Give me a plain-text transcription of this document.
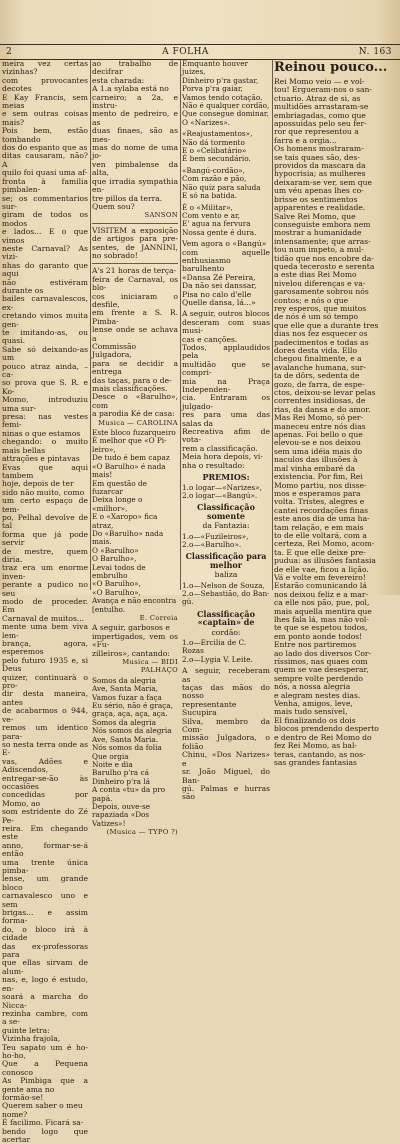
2	A FOLHA	N. 163

meira vez certas vizinhas?

com provocantes decotes

E Kay Francis, sem meias

e sem outras coisas mais?

Pois bem, estão tombando

dos do espanto que as

ditas causaram, não? A

quilo foi quasi uma af-

fronta à familia pimbalen-

se; os commentarios sur-

giram de todos os modos

e lados... E o que vimos

neste Carnaval? As vizi-

nhas do garanto que aqui

não estivéram durante os

bailes carnavalescos, ex-

cretando vimos muita gen-

te imitando-as, ou quasi.

Sabe só deixando-as um

pouco atraz ainda, – ca-

so prova que S. R. e Ko-

Momo, introduziu uma sur-

presa: nas vestes femi-

ninas o que estamos

chegando: o muito mais bellas

attrações e pintavas

Evas que aqui tambem

hoje, depois de ter

sido não muito, como

um certo espaço de tem-

po, Pelhal devolve de tal

forma que já pode servir

de mestre, quem diria.

traz era um enorme inven-

perante a pudico no seu

modo de proceder. Em

Carnaval de muitos...

mente uma bem viva lem-

brança, agora, esperemos

pelo futuro 1935 e, si Deus

quizer, continuarà o pro-

dir desta maneira, antes

de acabarmos o 944, ve-

remos um identico para-

so nesta terra onde as E-

vas, Adões e Adiscendos,

entregar-se-ão às occasiões

concedidas por Momo, ao

som estridente do Zé Pe-

reira. Em chegando este

anno, formar-se-á então

uma trente única pimba-

lense, um grande bloco

carnavalesco uno e sem

brigas... e assim forma-

do, o bloco irá à cidade

das ex-professoras para

que ellas sirvam de alum-

nas, e, logo é estudo, en-

soará a marcha do Nicca-

rezinha cambre, com a se-

guinte letra:

Vizinha frajola,

Teu sapato um é ho-ho-ho,

Que a Pequena conosco

As Pimbiga que a gente ama no

formão-se!

Querem saber o meu

nome?

É facilimo. Ficará sa-

bendo logo que acertar

ao trabalho de decifrar

esta charada:

A 1.a sylaba está no

carneiro; a 2a, e instru-

mento de pedreiro, e as

duas finaes, são as mes-

mas do nome de uma jo-

ven pimbalense da alta,

que irradia sympathia en-

tre pillos da terra.

Quem sou?

SANSON

VISITEM a exposição de artigos para pre- sentes, de JANNINI, no sobrado!

A's 21 horas de terça-

feira de Carnaval, os blo-

cos iniciaram o desfile,

em frente a S. R. Pimba-

lense onde se achava a

Commissão Julgadora,

para se decidir a entrega

das taças, para o de-

mais classificações.

Desce o «Barulho», com

a parodia Ké de casa:

Musica — CAROLINA

Este bloco fuzarqueiro

É melhor que «O Pi-

leiro»,

De tudo é bem capaz

«O Barulho» é nada mais!

Em questão de fuzarcar

Deixa longe o «milhor»,

E o «Xaropo» fica atraz,

Do «Barulho» nada mais.

O «Barulho»

O Barulho»,

Levai todos de embrulho

«O Barulho»,

«O Barulho»,

Avança e não encontra

[entulho.

E. Correia

A seguir, garbosos e

impertigados, vem os «Fu-

zilleiros», cantando:

Musica — BIDI PALHAÇO

Somos da alegria

Ave, Santa Maria,

Vamos fuzar a faça

Eu sério, não é graça,

graça, aça, aça, aça.

Somos da alegria

Nós somos da alegria

Ave, Santa Maria.

Nós somos da folia

Que orgia

Noite e dia

Barulho p'ra cá

Dinheiro p'ra lá

A conta «tu» da pro

papá.

Depois, ouve-se

rapaziada «Dos Vatizes»!

(Musica — TYPO ?)

Emquanto houver juizes,

Dinheiro p'ra gastar,

Porva p'ra gaiar,

Vamos tendo cotação.

Não é qualquer cordão,

Que consegue dominar,

O «Narizes».

«Reajustamentos»,

Não dá tormento

E o «Celibatário»

É bem secundário.

«Bangú-cordão»,

Com razão e pão,

Não quiz para saluda

E só na batida.

É o «Militar»,

Com vento e ar,

E' agua na fervura

Nossa gente é dura.

Vem agora o «Bangú»

com aquelle enthusiasmo

barulhento

«Dansa Zé Pereira,

Da não sei danssar,

Pisa no calo d'elle

Quelle dansa, lá...»

A seguir, outros blocos

desceram com suas musi-

cas e canções.

Todos, applaudidos pela

multidão que se compri-

mia na Praça Independen-

cia. Entraram os julgado-

res para uma das salas da

Recreativa afim de vota-

rem a classificação.

Meia hora depois, vi-

nha o resultado:

PREMIOS:

1.o logar—«Narizes»,

2.o logar—«Bangú».

Classificação somente

da Fantazia:

1.o—«Fuzileiros»,

2.o—«Barulho».

Classificação para melhor

baliza

1.o—Nelson de Souza,

2.o—Sebastião, do Ban-

gú.

Classificação «captain» de

cordão:

1.o—Ercilia de C. Rozas

2.o—Lygia V. Leite.

A seguir, receberam as

taças das mãos do nosso

representante Sucupira

Silva, membro da Com-

missão Julgadora, o folião

Chinu, «Dos Narizes» e

sr. João Miguel, do Ban-

gú. Palmas e hurras são

Reinou pouco...

Rei Momo veio — e vol-

tou! Ergueram-nos o san-

ctuario. Atraz de si, as

multidões arrastaram-se

embriagadas, como que

apossuidas pelo seu fer-

ror que representou a

farra e a orgia...

Os homens mostraram-

se tais quaes são, des-

providos da mascara da

hypocrisia; as mulheres

deixaram-se ver, sem que

um véu apenas lhes co-

brisse os sentimentos

apparentes e realidade.

Salve Rei Momo, que

conseguiste embora nem

mostrar a humanidade

intensamente; que arras-

tou num impeto, a mul-

tidão que nos encobre da-

queda tecerosto e serenta

a este dias Rei Momo

nivelou diferenças e va-

garosamente sobrou nós

contos; e nós o que

rey esperos, que muitos

de nós é um só tempo

que elle que a durante tres

dias nos fez esquecer os

padecimentos e todas as

dores desta vida. Ello

chegou finalmente, e a

avalanche humana, sur-

ta de dôrs, sedenta de

gozo, de farra, de espe-

ctos, deixou-se levar pelas

correntes insidiosas, de

rias, da dansa e do amor.

Mas Rei Momo, só per-

maneceu entre nós dias

apenas. Foi bello o que

elevou-se e nos deixou

sem uma idéia mais do

naculos das illusões à

mal vinha embaré da

existencia. Por fim, Rei

Momo partiu, nos disse-

mos e esperamos para

volta. Tristes, alegres e

cantei recordações finas

este anos dia de uma ha-

tam relação, e em mais

to de elle voltará, com a

certeza, Rei Momo, acom-

ta. E que elle deixe pre-

pudua: as illusões fantasia

de elle vae, ficou a lição.

Vá e volte em fevereiro!

Estarão comunicando lá

nos deixou feliz e a mar-

ca elle nos pão, pue, pol,

mais aquella mentira que

lhes fala lá, mas não vol-

te que se espetou todos,

em ponto aonde todos!

Entre nos partiremos

ao lado dos diversos Cor-

ríssimos, nas quaes com

quem se vae desesperar,

sempre volte perdendo

nós, a nossa alegria

e alegram nestes dias.

Venha, amigos, leve,

mais tudo sensível,

El finalizando os dois

blocos prendendo desperto

e dentro de Rei Momo do

fez Rei Momo, as bal-

teras, cantando, as nos-

sas grandes fantasias
